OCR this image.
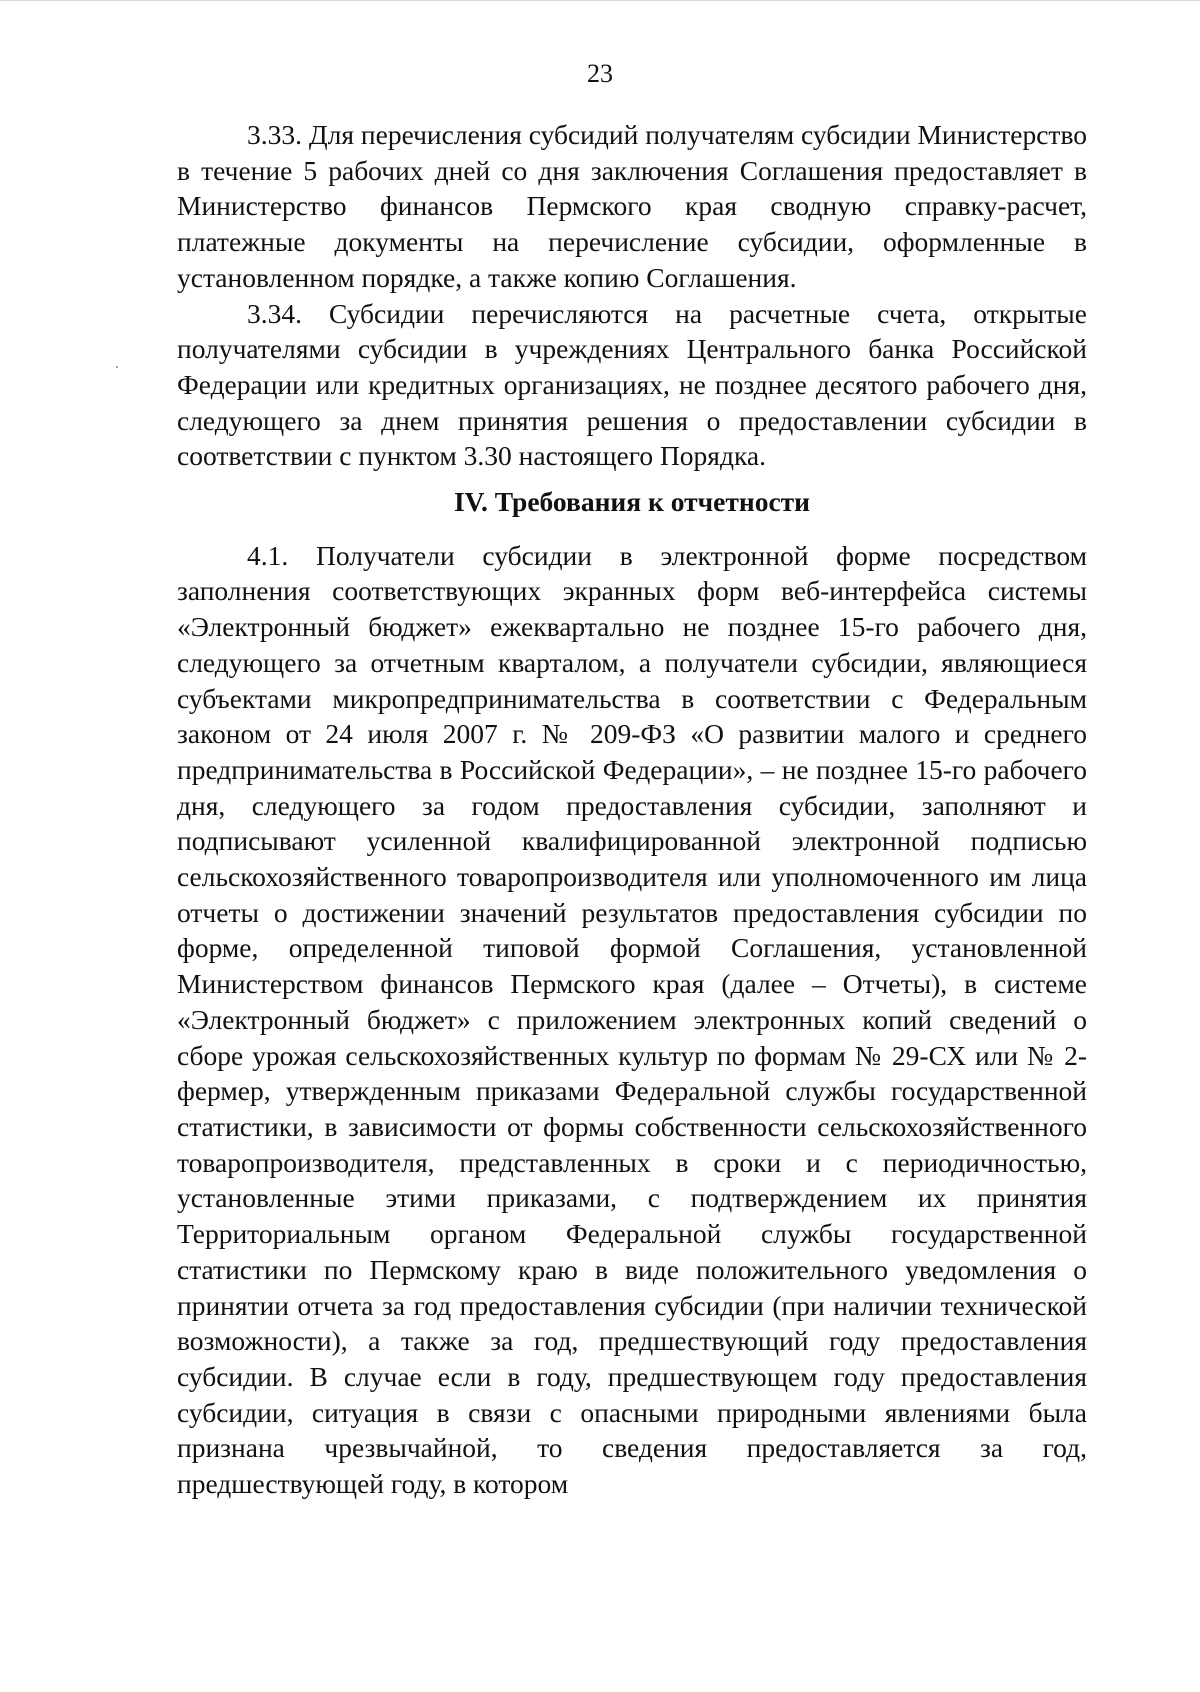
23

3.33. Для перечисления субсидий получателям субсидии Министерство в течение 5 рабочих дней со дня заключения Соглашения предоставляет в Министерство финансов Пермского края сводную справку-расчет, платежные документы на перечисление субсидии, оформленные в установленном порядке, а также копию Соглашения.

3.34. Субсидии перечисляются на расчетные счета, открытые получателями субсидии в учреждениях Центрального банка Российской Федерации или кредитных организациях, не позднее десятого рабочего дня, следующего за днем принятия решения о предоставлении субсидии в соответствии с пунктом 3.30 настоящего Порядка.

IV. Требования к отчетности

4.1. Получатели субсидии в электронной форме посредством заполнения соответствующих экранных форм веб-интерфейса системы «Электронный бюджет» ежеквартально не позднее 15-го рабочего дня, следующего за отчетным кварталом, а получатели субсидии, являющиеся субъектами микропредпринимательства в соответствии с Федеральным законом от 24 июля 2007 г. № 209-ФЗ «О развитии малого и среднего предпринимательства в Российской Федерации», – не позднее 15-го рабочего дня, следующего за годом предоставления субсидии, заполняют и подписывают усиленной квалифицированной электронной подписью сельскохозяйственного товаропроизводителя или уполномоченного им лица отчеты о достижении значений результатов предоставления субсидии по форме, определенной типовой формой Соглашения, установленной Министерством финансов Пермского края (далее – Отчеты), в системе «Электронный бюджет» с приложением электронных копий сведений о сборе урожая сельскохозяйственных культур по формам № 29-СХ или № 2-фермер, утвержденным приказами Федеральной службы государственной статистики, в зависимости от формы собственности сельскохозяйственного товаропроизводителя, представленных в сроки и с периодичностью, установленные этими приказами, с подтверждением их принятия Территориальным органом Федеральной службы государственной статистики по Пермскому краю в виде положительного уведомления о принятии отчета за год предоставления субсидии (при наличии технической возможности), а также за год, предшествующий году предоставления субсидии. В случае если в году, предшествующем году предоставления субсидии, ситуация в связи с опасными природными явлениями была признана чрезвычайной, то сведения предоставляется за год, предшествующей году, в котором
